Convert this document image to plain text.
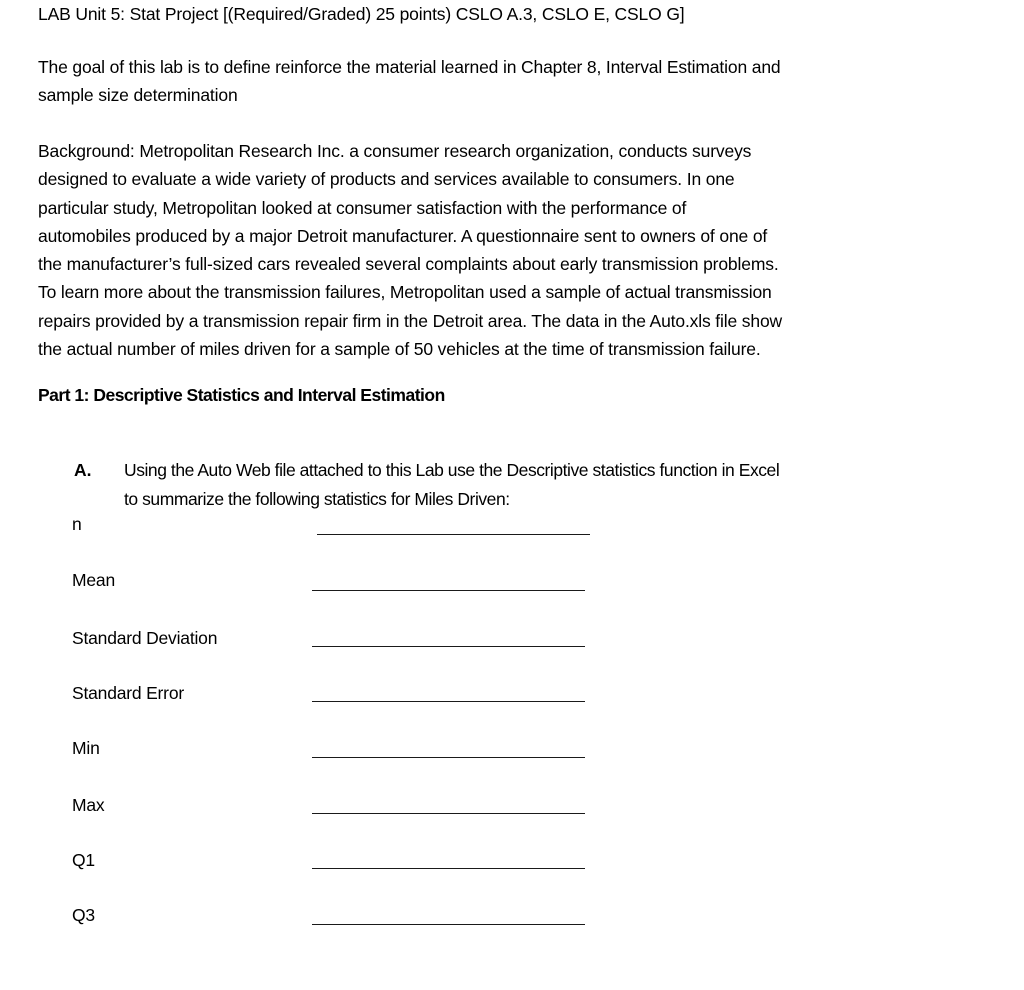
LAB Unit 5: Stat Project [(Required/Graded) 25 points) CSLO A.3, CSLO E, CSLO G]
The goal of this lab is to define reinforce the material learned in Chapter 8, Interval Estimation and
sample size determination
Background: Metropolitan Research Inc. a consumer research organization, conducts surveys
designed to evaluate a wide variety of products and services available to consumers. In one
particular study, Metropolitan looked at consumer satisfaction with the performance of
automobiles produced by a major Detroit manufacturer. A questionnaire sent to owners of one of
the manufacturer’s full-sized cars revealed several complaints about early transmission problems.
To learn more about the transmission failures, Metropolitan used a sample of actual transmission
repairs provided by a transmission repair firm in the Detroit area. The data in the Auto.xls file show
the actual number of miles driven for a sample of 50 vehicles at the time of transmission failure.
Part 1: Descriptive Statistics and Interval Estimation
A. Using the Auto Web file attached to this Lab use the Descriptive statistics function in Excel
to summarize the following statistics for Miles Driven:
n
Mean
Standard Deviation
Standard Error
Min
Max
Q1
Q3
